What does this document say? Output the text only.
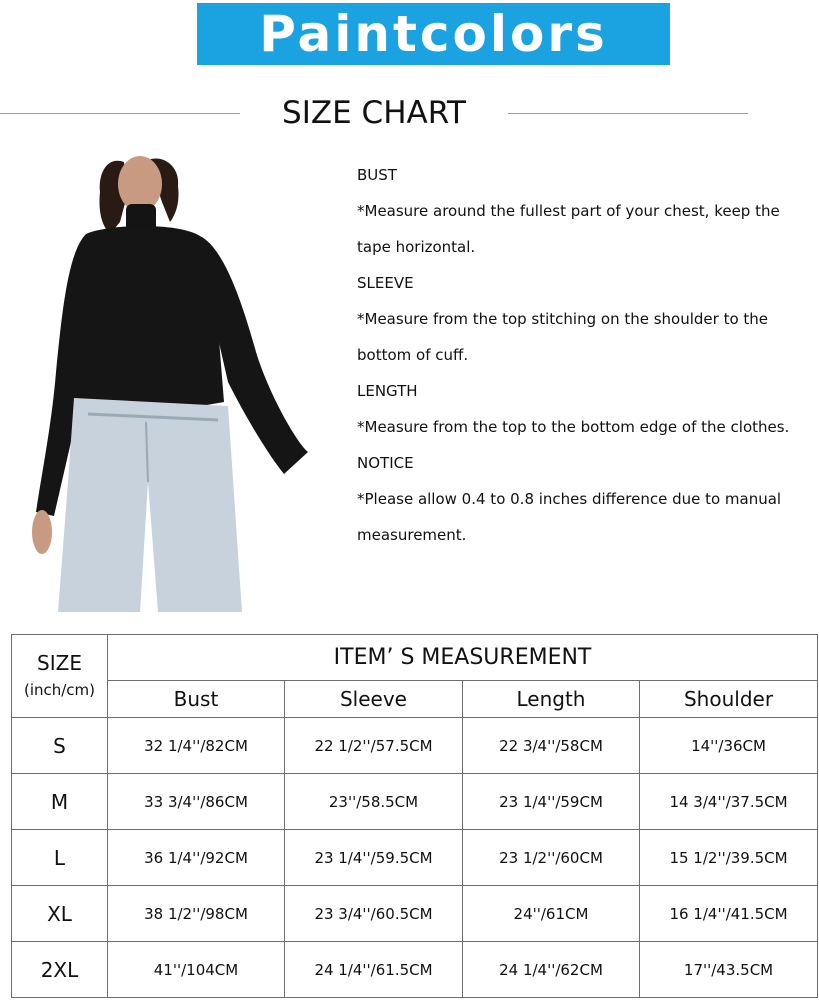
Paintcolors
SIZE CHART
BUST
*Measure around the fullest part of your chest, keep the
tape horizontal.
SLEEVE
*Measure from the top stitching on the shoulder to the
bottom of cuff.
LENGTH
*Measure from the top to the bottom edge of the clothes.
NOTICE
*Please allow 0.4 to 0.8 inches difference due to manual
measurement.
SIZE
(inch/cm)	ITEM’ S MEASUREMENT			
	Bust	Sleeve	Length	Shoulder
S	32 1/4''/82CM	22 1/2''/57.5CM	22 3/4''/58CM	14''/36CM
M	33 3/4''/86CM	23''/58.5CM	23 1/4''/59CM	14 3/4''/37.5CM
L	36 1/4''/92CM	23 1/4''/59.5CM	23 1/2''/60CM	15 1/2''/39.5CM
XL	38 1/2''/98CM	23 3/4''/60.5CM	24''/61CM	16 1/4''/41.5CM
2XL	41''/104CM	24 1/4''/61.5CM	24 1/4''/62CM	17''/43.5CM
